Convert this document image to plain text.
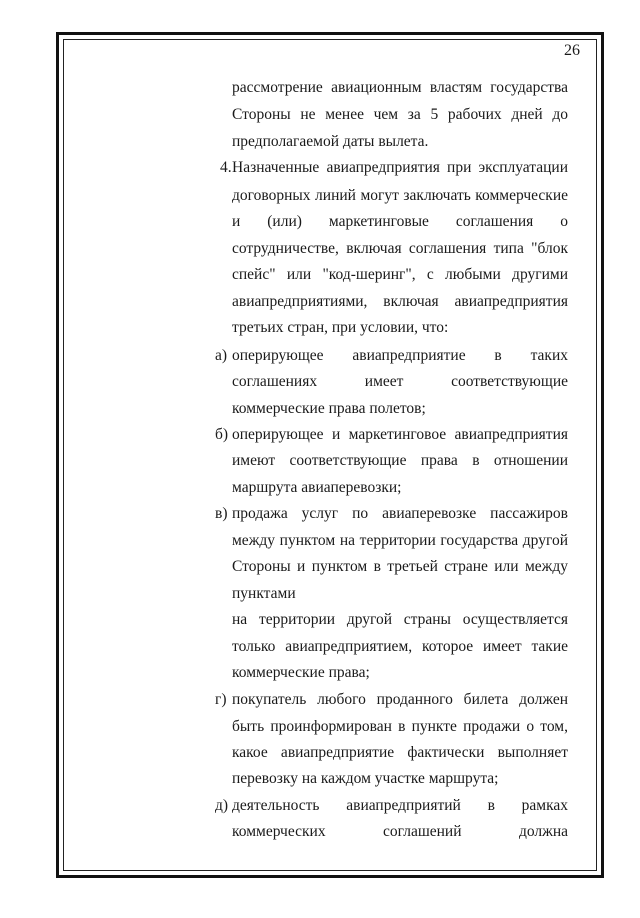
26
рассмотрение авиационным властям государства
Стороны не менее чем за 5 рабочих дней до
предполагаемой даты вылета.
4. Назначенные авиапредприятия при эксплуатации
договорных линий могут заключать коммерческие
и (или) маркетинговые соглашения о
сотрудничестве, включая соглашения типа "блок
спейс" или "код-шеринг", с любыми другими
авиапредприятиями, включая авиапредприятия
третьих стран, при условии, что:
а) оперирующее авиапредприятие в таких
соглашениях имеет соответствующие
коммерческие права полетов;
б) оперирующее и маркетинговое авиапредприятия
имеют соответствующие права в отношении
маршрута авиаперевозки;
в) продажа услуг по авиаперевозке пассажиров
между пунктом на территории государства другой
Стороны и пунктом в третьей стране или между
пунктами
на территории другой страны осуществляется
только авиапредприятием, которое имеет такие
коммерческие права;
г) покупатель любого проданного билета должен
быть проинформирован в пункте продажи о том,
какое авиапредприятие фактически выполняет
перевозку на каждом участке маршрута;
д) деятельность авиапредприятий в рамках
коммерческих соглашений должна
